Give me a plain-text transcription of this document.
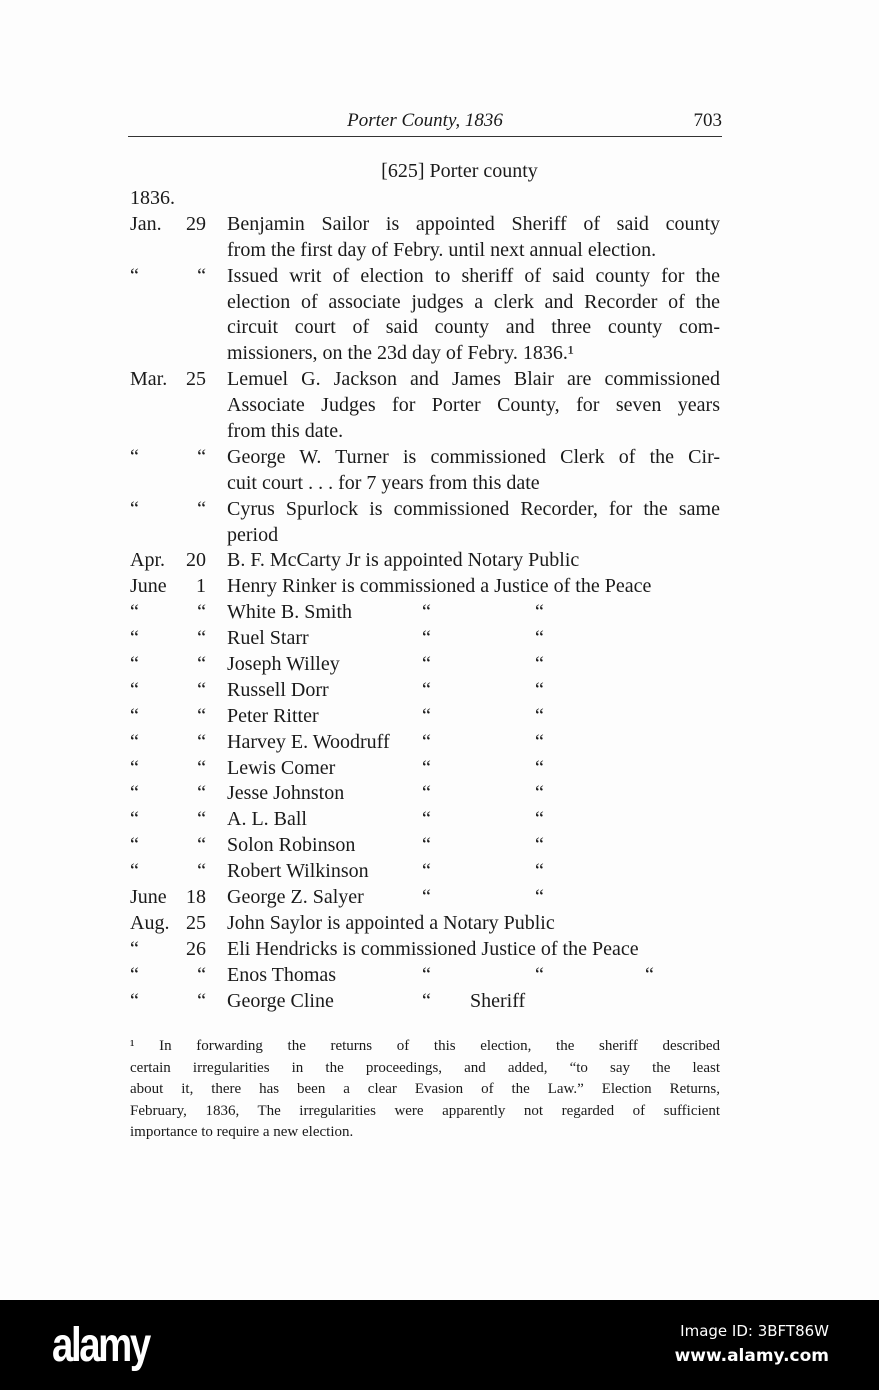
Porter County, 1836	703
[625] Porter county
1836.
Jan.	29 Benjamin Sailor is appointed Sheriff of said county
from the first day of Febry. until next annual election.
“	“ Issued writ of election to sheriff of said county for the
election of associate judges a clerk and Recorder of the
circuit court of said county and three county com-
missioners, on the 23d day of Febry. 1836.¹
Mar. 25 Lemuel G. Jackson and James Blair are commissioned
Associate Judges for Porter County, for seven years
from this date.
“	“ George W. Turner is commissioned Clerk of the Cir-
cuit court . . . for 7 years from this date
“	“ Cyrus Spurlock is commissioned Recorder, for the same
period
Apr.	20 B. F. McCarty Jr is appointed Notary Public
June	1 Henry Rinker is commissioned a Justice of the Peace
“	“ White B. Smith	“	“
“	“ Ruel Starr	“	“
“	“ Joseph Willey	“	“
“	“ Russell Dorr	“	“
“	“ Peter Ritter	“	“
“	“ Harvey E. Woodruff	“	“
“	“ Lewis Comer	“	“
“	“ Jesse Johnston	“	“
“	“ A. L. Ball	“	“
“	“ Solon Robinson	“	“
“	“ Robert Wilkinson	“	“
June 18 George Z. Salyer	“	“
Aug. 25 John Saylor is appointed a Notary Public
“	26 Eli Hendricks is commissioned Justice of the Peace
“	“ Enos Thomas	“	“	“
“	“ George Cline	“ Sheriff
¹ In forwarding the returns of this election, the sheriff described
certain irregularities in the proceedings, and added, “to say the least
about it, there has been a clear Evasion of the Law.” Election Returns,
February, 1836, The irregularities were apparently not regarded of sufficient
importance to require a new election.
alamy	Image ID: 3BFT86W
www.alamy.com
